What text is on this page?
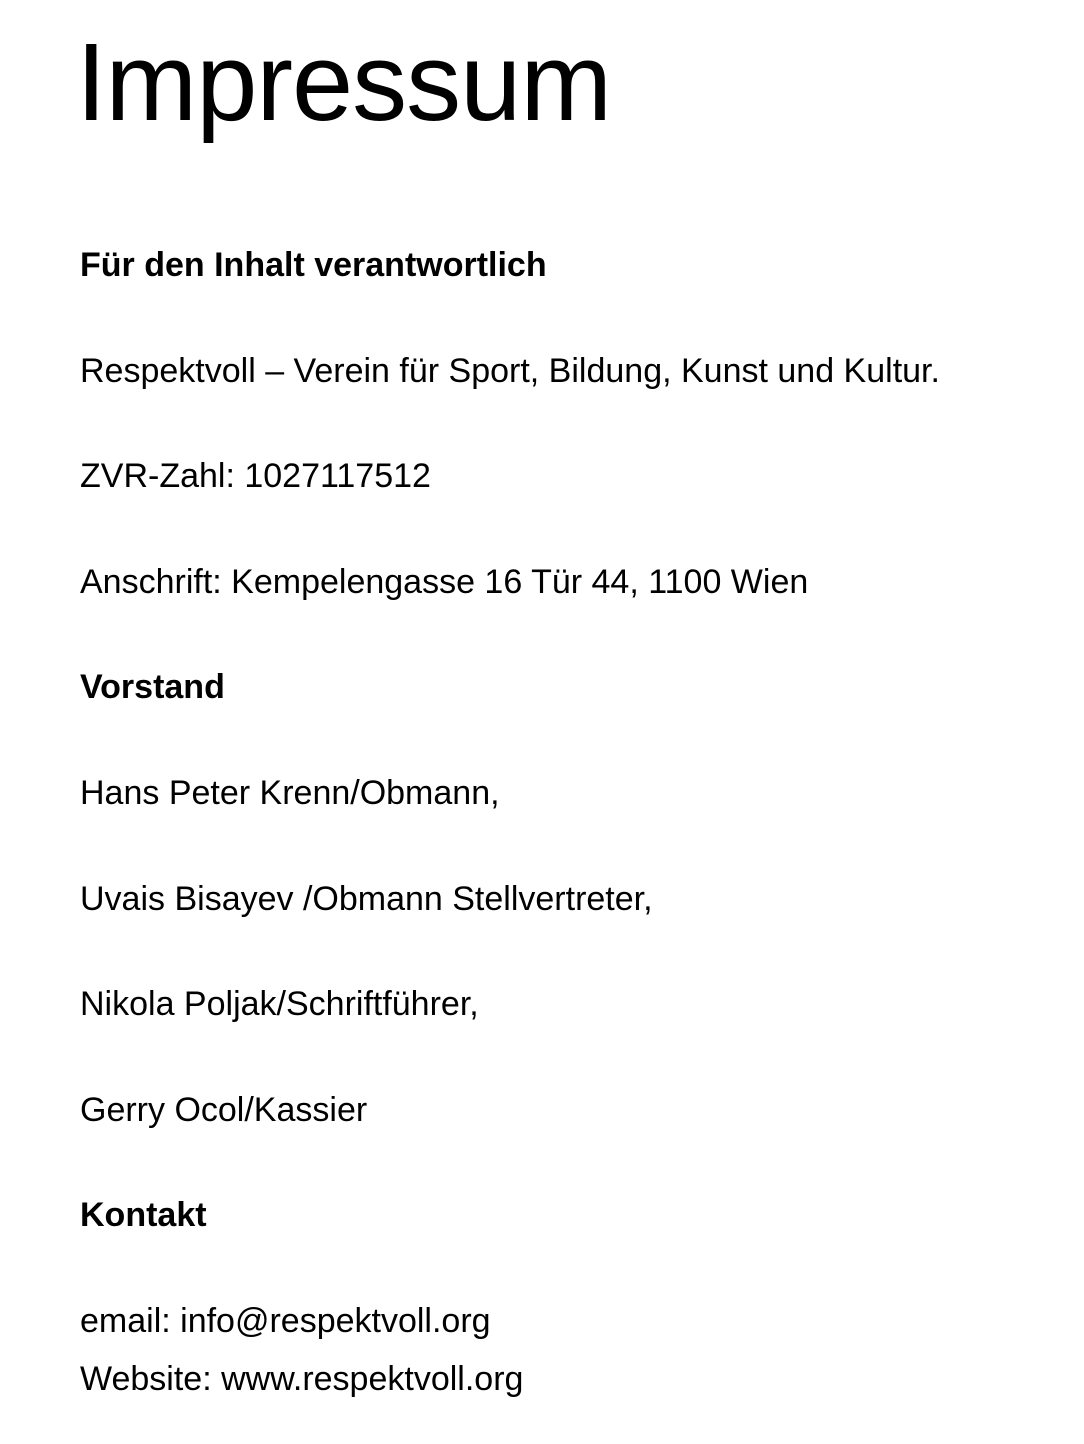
Impressum

Für den Inhalt verantwortlich

Respektvoll – Verein für Sport, Bildung, Kunst und Kultur.

ZVR-Zahl: 1027117512

Anschrift: Kempelengasse 16 Tür 44, 1100 Wien

Vorstand

Hans Peter Krenn/Obmann,

Uvais Bisayev /Obmann Stellvertreter,

Nikola Poljak/Schriftführer,

Gerry Ocol/Kassier

Kontakt

email: info@respektvoll.org

Website: www.respektvoll.org
